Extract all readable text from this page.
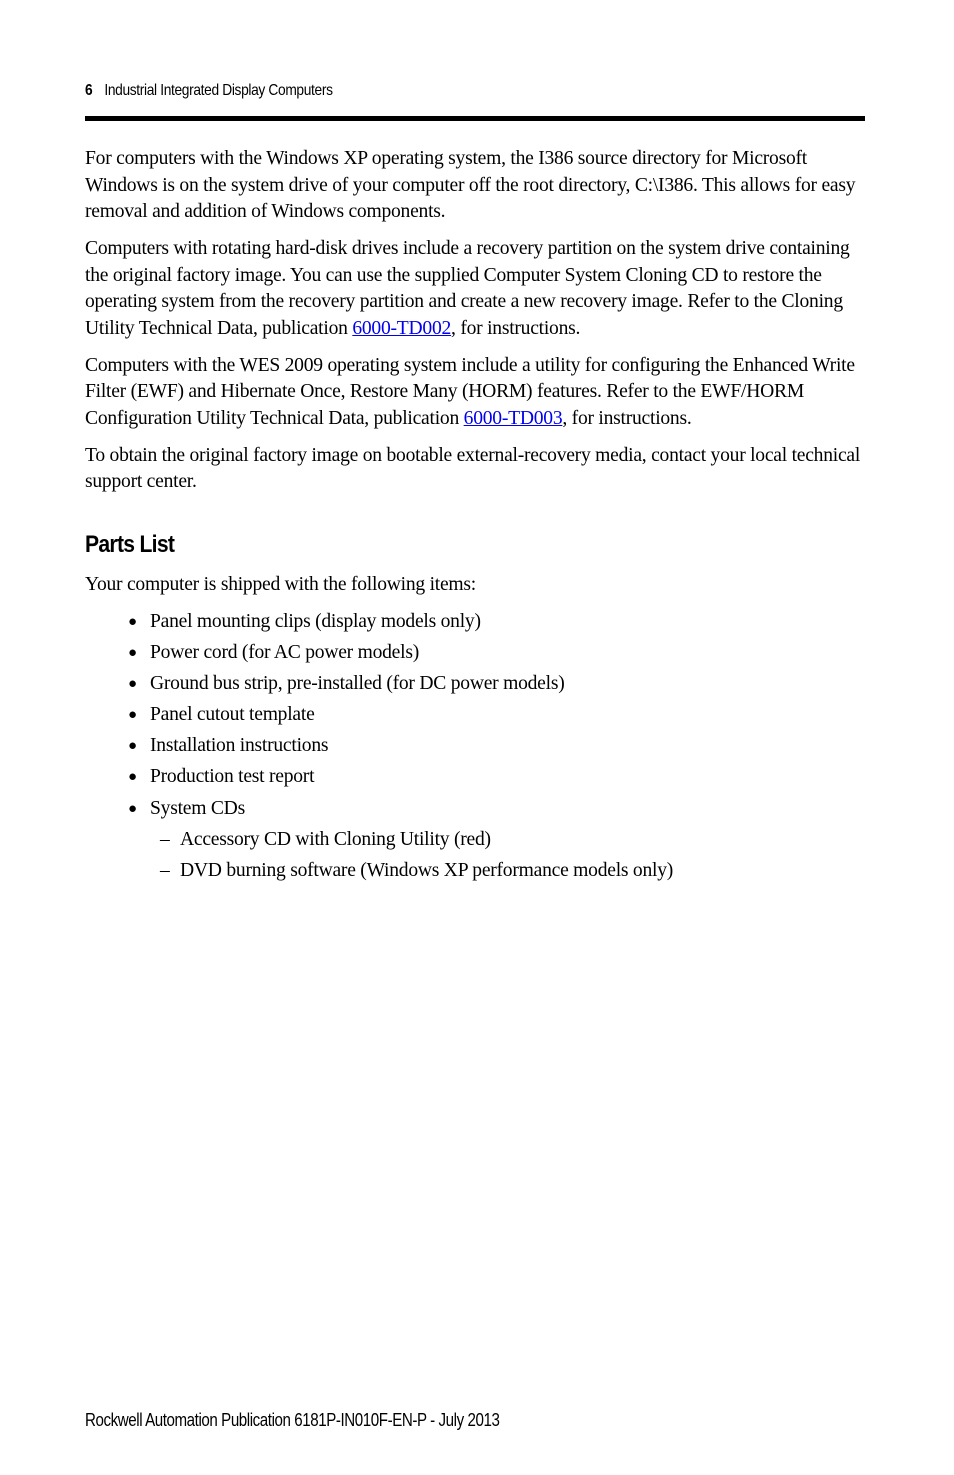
6 Industrial Integrated Display Computers

For computers with the Windows XP operating system, the I386 source directory for Microsoft Windows is on the system drive of your computer off the root directory, C:\I386. This allows for easy removal and addition of Windows components.

Computers with rotating hard-disk drives include a recovery partition on the system drive containing the original factory image. You can use the supplied Computer System Cloning CD to restore the operating system from the recovery partition and create a new recovery image. Refer to the Cloning Utility Technical Data, publication 6000-TD002, for instructions.

Computers with the WES 2009 operating system include a utility for configuring the Enhanced Write Filter (EWF) and Hibernate Once, Restore Many (HORM) features. Refer to the EWF/HORM Configuration Utility Technical Data, publication 6000-TD003, for instructions.

To obtain the original factory image on bootable external-recovery media, contact your local technical support center.

Parts List

Your computer is shipped with the following items:

● Panel mounting clips (display models only)
● Power cord (for AC power models)
● Ground bus strip, pre-installed (for DC power models)
● Panel cutout template
● Installation instructions
● Production test report
● System CDs
– Accessory CD with Cloning Utility (red)
– DVD burning software (Windows XP performance models only)
Rockwell Automation Publication 6181P-IN010F-EN-P - July 2013
